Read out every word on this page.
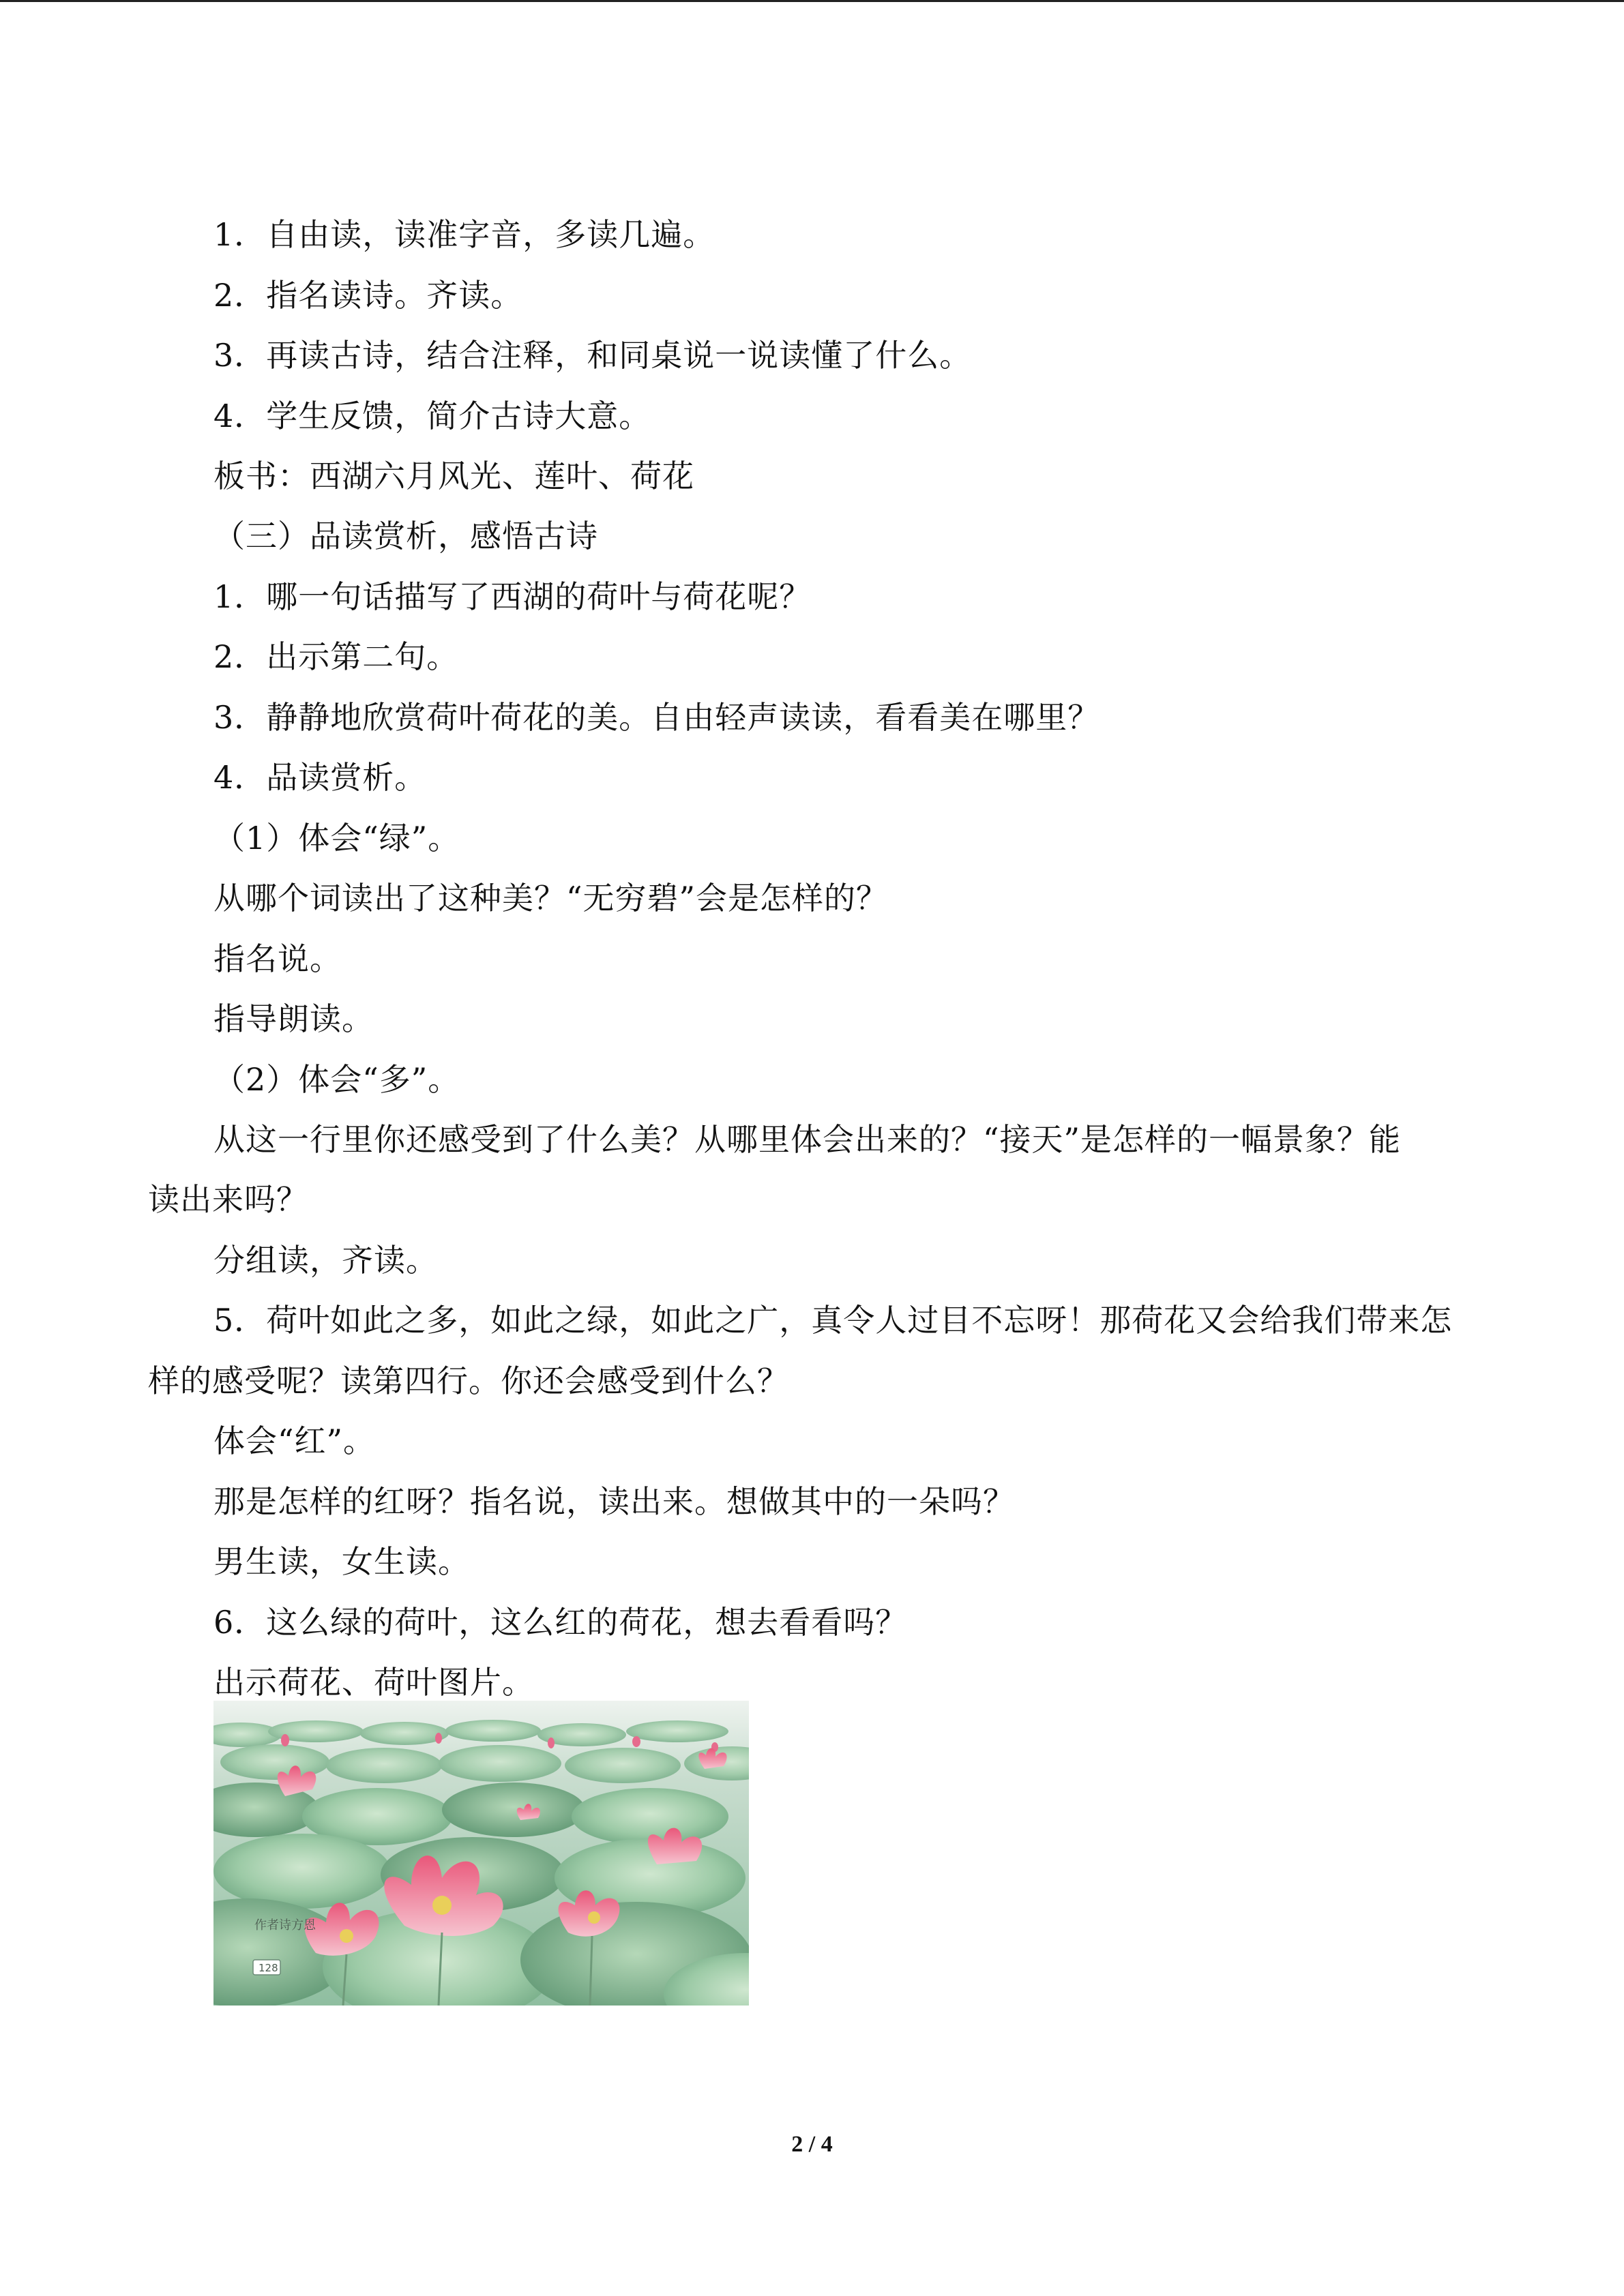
1．自由读，读准字音，多读几遍。
2．指名读诗。齐读。
3．再读古诗，结合注释，和同桌说一说读懂了什么。
4．学生反馈，简介古诗大意。
板书：西湖六月风光、莲叶、荷花
（三）品读赏析，感悟古诗
1．哪一句话描写了西湖的荷叶与荷花呢？
2．出示第二句。
3．静静地欣赏荷叶荷花的美。自由轻声读读，看看美在哪里？
4．品读赏析。
（1）体会“绿”。
从哪个词读出了这种美？“无穷碧”会是怎样的？
指名说。
指导朗读。
（2）体会“多”。
从这一行里你还感受到了什么美？从哪里体会出来的？“接天”是怎样的一幅景象？能
读出来吗？
分组读，齐读。
5．荷叶如此之多，如此之绿，如此之广，真令人过目不忘呀！那荷花又会给我们带来怎
样的感受呢？读第四行。你还会感受到什么？
体会“红”。
那是怎样的红呀？指名说，读出来。想做其中的一朵吗？
男生读，女生读。
6．这么绿的荷叶，这么红的荷花，想去看看吗？
出示荷花、荷叶图片。
作者诗方恩
128
2 / 4
